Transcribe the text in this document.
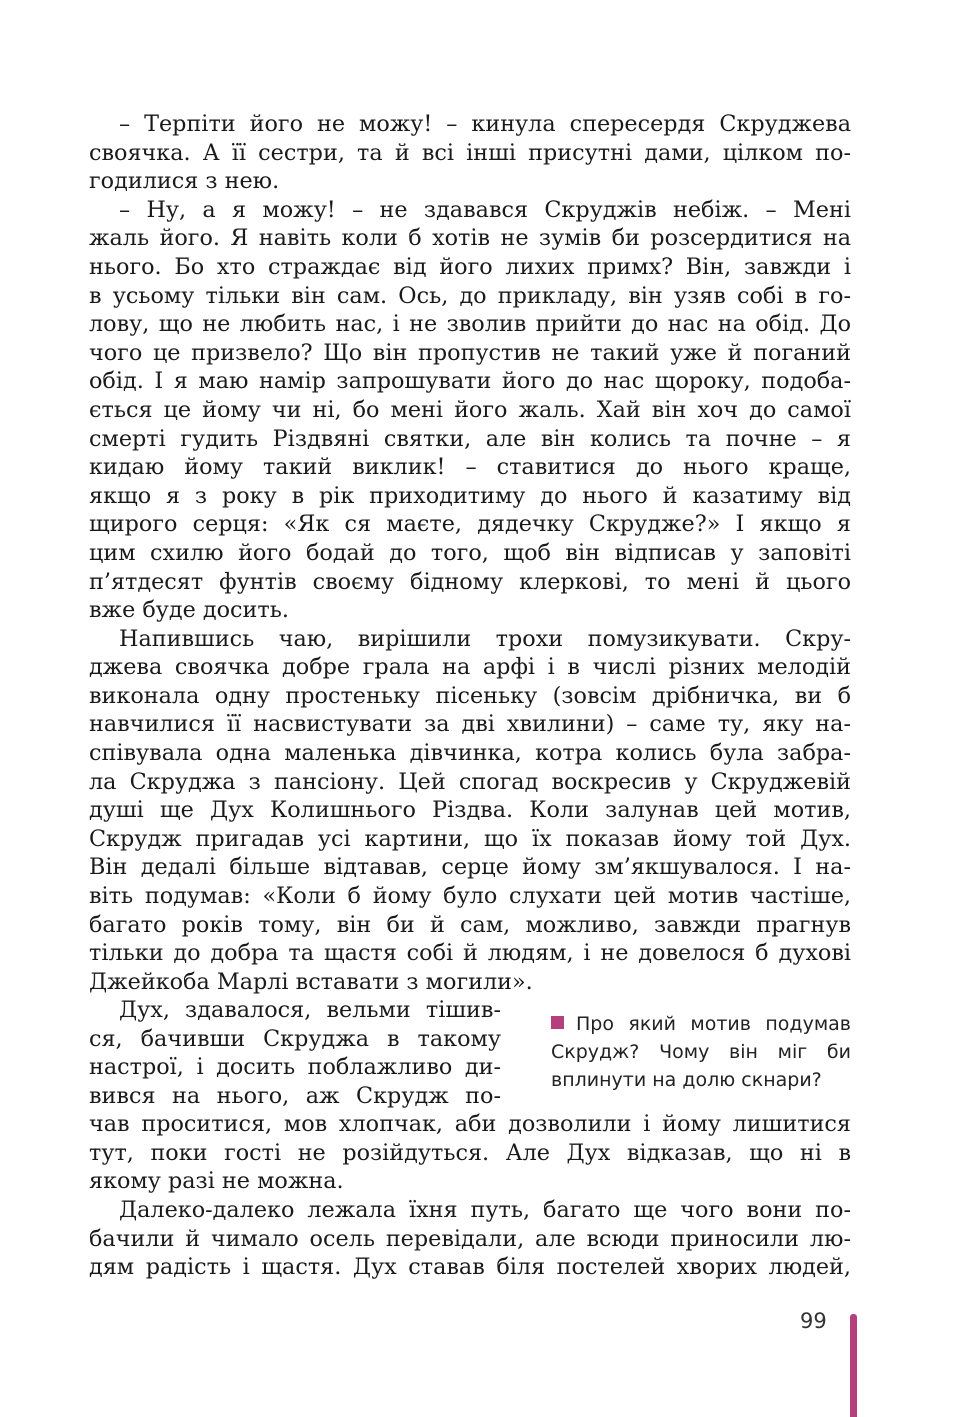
– Терпіти його не можу! – кинула спересердя Скруджева
своячка. А її сестри, та й всі інші присутні дами, цілком по-
годилися з нею.
– Ну, а я можу! – не здавався Скруджів небіж. – Мені
жаль його. Я навіть коли б хотів не зумів би розсердитися на
нього. Бо хто страждає від його лихих примх? Він, завжди і
в усьому тільки він сам. Ось, до прикладу, він узяв собі в го-
лову, що не любить нас, і не зволив прийти до нас на обід. До
чого це призвело? Що він пропустив не такий уже й поганий
обід. І я маю намір запрошувати його до нас щороку, подоба-
ється це йому чи ні, бо мені його жаль. Хай він хоч до самої
смерті гудить Різдвяні святки, але він колись та почне – я
кидаю йому такий виклик! – ставитися до нього краще,
якщо я з року в рік приходитиму до нього й казатиму від
щирого серця: «Як ся маєте, дядечку Скрудже?» І якщо я
цим схилю його бодай до того, щоб він відписав у заповіті
п’ятдесят фунтів своєму бідному клеркові, то мені й цього
вже буде досить.
Напившись чаю, вирішили трохи помузикувати. Скру-
джева своячка добре грала на арфі і в числі різних мелодій
виконала одну простеньку пісеньку (зовсім дрібничка, ви б
навчилися її насвистувати за дві хвилини) – саме ту, яку на-
співувала одна маленька дівчинка, котра колись була забра-
ла Скруджа з пансіону. Цей спогад воскресив у Скруджевій
душі ще Дух Колишнього Різдва. Коли залунав цей мотив,
Скрудж пригадав усі картини, що їх показав йому той Дух.
Він дедалі більше відтавав, серце йому зм’якшувалося. І на-
віть подумав: «Коли б йому було слухати цей мотив частіше,
багато років тому, він би й сам, можливо, завжди прагнув
тільки до добра та щастя собі й людям, і не довелося б духові
Джейкоба Марлі вставати з могили».
Дух, здавалося, вельми тішив-
ся, бачивши Скруджа в такому
настрої, і досить поблажливо ди-
вився на нього, аж Скрудж по-
Про який мотив подумав
Скрудж? Чому він міг би
вплинути на долю скнари?
чав проситися, мов хлопчак, аби дозволили і йому лишитися
тут, поки гості не розійдуться. Але Дух відказав, що ні в
якому разі не можна.
Далеко-далеко лежала їхня путь, багато ще чого вони по-
бачили й чимало осель перевідали, але всюди приносили лю-
дям радість і щастя. Дух ставав біля постелей хворих людей,
99
